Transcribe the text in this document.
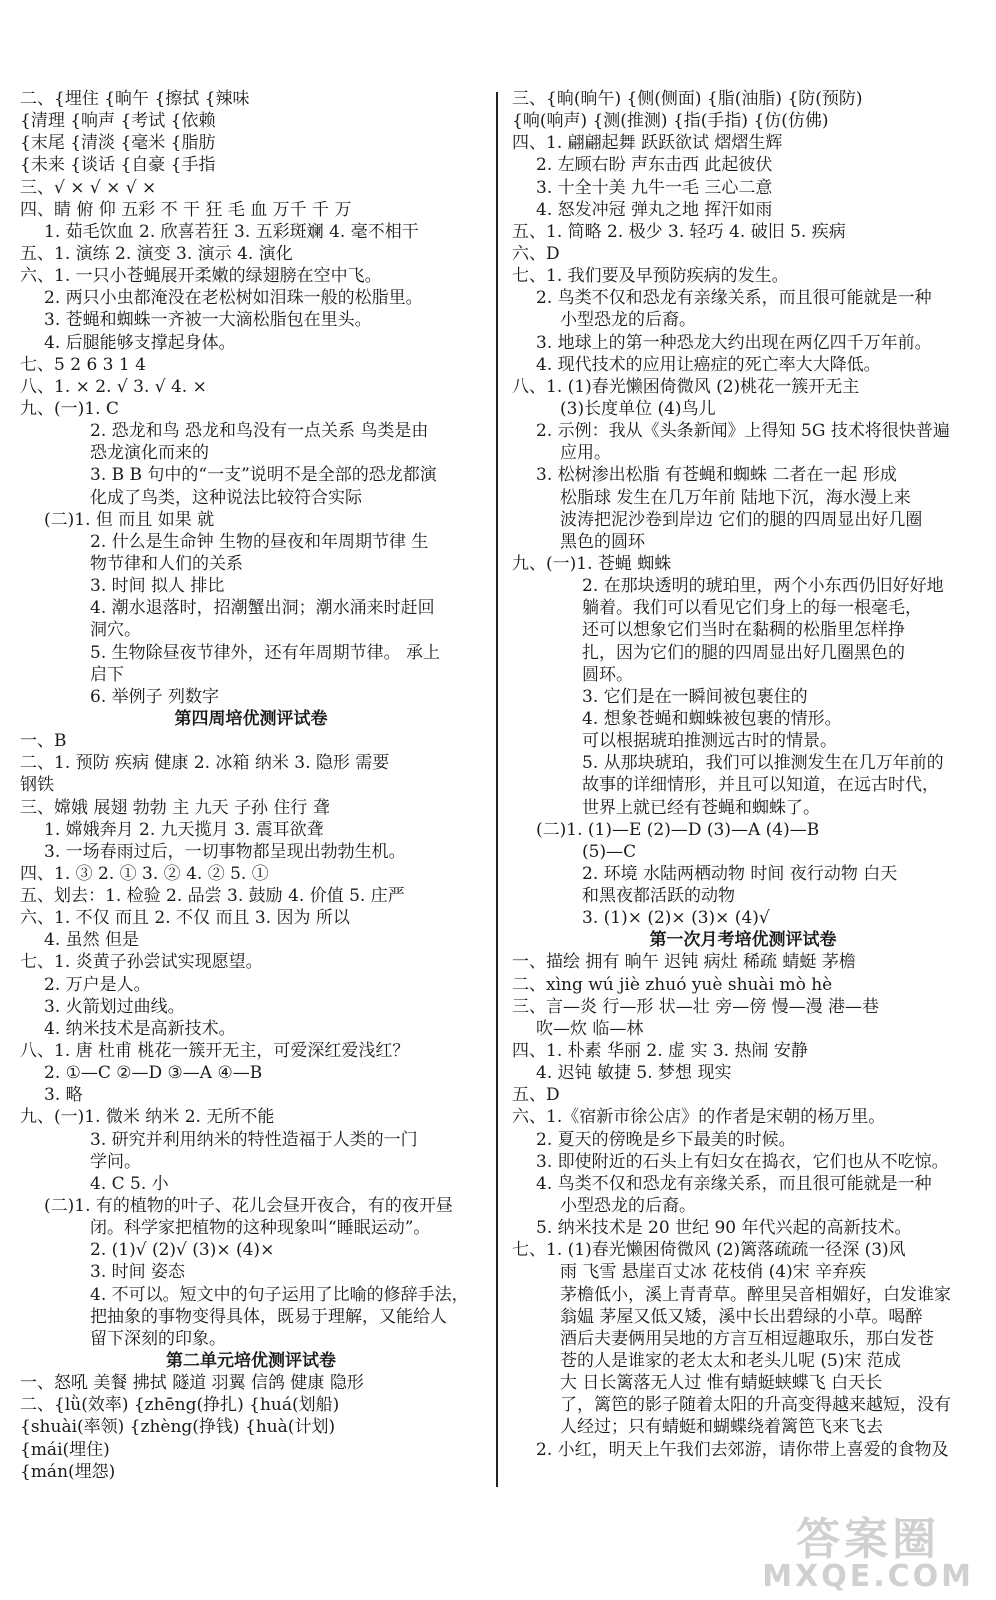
二、{埋住 {晌午 {擦拭 {辣味
{清理 {响声 {考试 {依赖
{末尾 {清淡 {毫米 {脂肪
{未来 {谈话 {自豪 {手指
三、√ × √ × √ ×
四、睛 俯 仰 五彩 不 干 狂 毛 血 万千 千 万
1. 茹毛饮血 2. 欣喜若狂 3. 五彩斑斓 4. 毫不相干
五、1. 演练 2. 演变 3. 演示 4. 演化
六、1. 一只小苍蝇展开柔嫩的绿翅膀在空中飞。
2. 两只小虫都淹没在老松树如泪珠一般的松脂里。
3. 苍蝇和蜘蛛一齐被一大滴松脂包在里头。
4. 后腿能够支撑起身体。
七、5 2 6 3 1 4
八、1. × 2. √ 3. √ 4. ×
九、(一)1. C
2. 恐龙和鸟 恐龙和鸟没有一点关系 鸟类是由
恐龙演化而来的
3. B B 句中的“一支”说明不是全部的恐龙都演
化成了鸟类，这种说法比较符合实际
(二)1. 但 而且 如果 就
2. 什么是生命钟 生物的昼夜和年周期节律 生
物节律和人们的关系
3. 时间 拟人 排比
4. 潮水退落时，招潮蟹出洞；潮水涌来时赶回
洞穴。
5. 生物除昼夜节律外，还有年周期节律。 承上
启下
6. 举例子 列数字
第四周培优测评试卷
一、B
二、1. 预防 疾病 健康 2. 冰箱 纳米 3. 隐形 需要
钢铁
三、嫦娥 展翅 勃勃 主 九天 子孙 住行 聋
1. 嫦娥奔月 2. 九天揽月 3. 震耳欲聋
3. 一场春雨过后，一切事物都呈现出勃勃生机。
四、1. ③ 2. ① 3. ② 4. ② 5. ①
五、划去：1. 检验 2. 品尝 3. 鼓励 4. 价值 5. 庄严
六、1. 不仅 而且 2. 不仅 而且 3. 因为 所以
4. 虽然 但是
七、1. 炎黄子孙尝试实现愿望。
2. 万户是人。
3. 火箭划过曲线。
4. 纳米技术是高新技术。
八、1. 唐 杜甫 桃花一簇开无主，可爱深红爱浅红？
2. ①—C ②—D ③—A ④—B
3. 略
九、(一)1. 微米 纳米 2. 无所不能
3. 研究并利用纳米的特性造福于人类的一门
学问。
4. C 5. 小
(二)1. 有的植物的叶子、花儿会昼开夜合，有的夜开昼
闭。科学家把植物的这种现象叫“睡眠运动”。
2. (1)√ (2)√ (3)× (4)×
3. 时间 姿态
4. 不可以。短文中的句子运用了比喻的修辞手法，
把抽象的事物变得具体，既易于理解，又能给人
留下深刻的印象。
第二单元培优测评试卷
一、怒吼 美餐 拂拭 隧道 羽翼 信鸽 健康 隐形
二、{lǜ(效率) {zhēng(挣扎) {huá(划船)
{shuài(率领) {zhèng(挣钱) {huà(计划)
{mái(埋住)
{mán(埋怨)
三、{晌(晌午) {侧(侧面) {脂(油脂) {防(预防)
{响(响声) {测(推测) {指(手指) {仿(仿佛)
四、1. 翩翩起舞 跃跃欲试 熠熠生辉
2. 左顾右盼 声东击西 此起彼伏
3. 十全十美 九牛一毛 三心二意
4. 怒发冲冠 弹丸之地 挥汗如雨
五、1. 简略 2. 极少 3. 轻巧 4. 破旧 5. 疾病
六、D
七、1. 我们要及早预防疾病的发生。
2. 鸟类不仅和恐龙有亲缘关系，而且很可能就是一种
小型恐龙的后裔。
3. 地球上的第一种恐龙大约出现在两亿四千万年前。
4. 现代技术的应用让癌症的死亡率大大降低。
八、1. (1)春光懒困倚微风 (2)桃花一簇开无主
(3)长度单位 (4)鸟儿
2. 示例：我从《头条新闻》上得知 5G 技术将很快普遍
应用。
3. 松树渗出松脂 有苍蝇和蜘蛛 二者在一起 形成
松脂球 发生在几万年前 陆地下沉，海水漫上来
波涛把泥沙卷到岸边 它们的腿的四周显出好几圈
黑色的圆环
九、(一)1. 苍蝇 蜘蛛
2. 在那块透明的琥珀里，两个小东西仍旧好好地
躺着。我们可以看见它们身上的每一根毫毛，
还可以想象它们当时在黏稠的松脂里怎样挣
扎，因为它们的腿的四周显出好几圈黑色的
圆环。
3. 它们是在一瞬间被包裹住的
4. 想象苍蝇和蜘蛛被包裹的情形。
可以根据琥珀推测远古时的情景。
5. 从那块琥珀，我们可以推测发生在几万年前的
故事的详细情形，并且可以知道，在远古时代，
世界上就已经有苍蝇和蜘蛛了。
(二)1. (1)—E (2)—D (3)—A (4)—B
(5)—C
2. 环境 水陆两栖动物 时间 夜行动物 白天
和黑夜都活跃的动物
3. (1)× (2)× (3)× (4)√
第一次月考培优测评试卷
一、描绘 拥有 晌午 迟钝 病灶 稀疏 蜻蜓 茅檐
二、xìng wú jiè zhuó yuè shuài mò hè
三、言—炎 行—形 状—壮 旁—傍 慢—漫 港—巷
吹—炊 临—林
四、1. 朴素 华丽 2. 虚 实 3. 热闹 安静
4. 迟钝 敏捷 5. 梦想 现实
五、D
六、1.《宿新市徐公店》的作者是宋朝的杨万里。
2. 夏天的傍晚是乡下最美的时候。
3. 即使附近的石头上有妇女在捣衣，它们也从不吃惊。
4. 鸟类不仅和恐龙有亲缘关系，而且很可能就是一种
小型恐龙的后裔。
5. 纳米技术是 20 世纪 90 年代兴起的高新技术。
七、1. (1)春光懒困倚微风 (2)篱落疏疏一径深 (3)风
雨 飞雪 悬崖百丈冰 花枝俏 (4)宋 辛弃疾
茅檐低小，溪上青青草。醉里吴音相媚好，白发谁家
翁媪 茅屋又低又矮，溪中长出碧绿的小草。喝醉
酒后夫妻俩用吴地的方言互相逗趣取乐，那白发苍
苍的人是谁家的老太太和老头儿呢 (5)宋 范成
大 日长篱落无人过 惟有蜻蜓蛱蝶飞 白天长
了，篱笆的影子随着太阳的升高变得越来越短，没有
人经过；只有蜻蜓和蝴蝶绕着篱笆飞来飞去
2. 小红，明天上午我们去郊游，请你带上喜爱的食物及
答案圈
MXQE.COM
